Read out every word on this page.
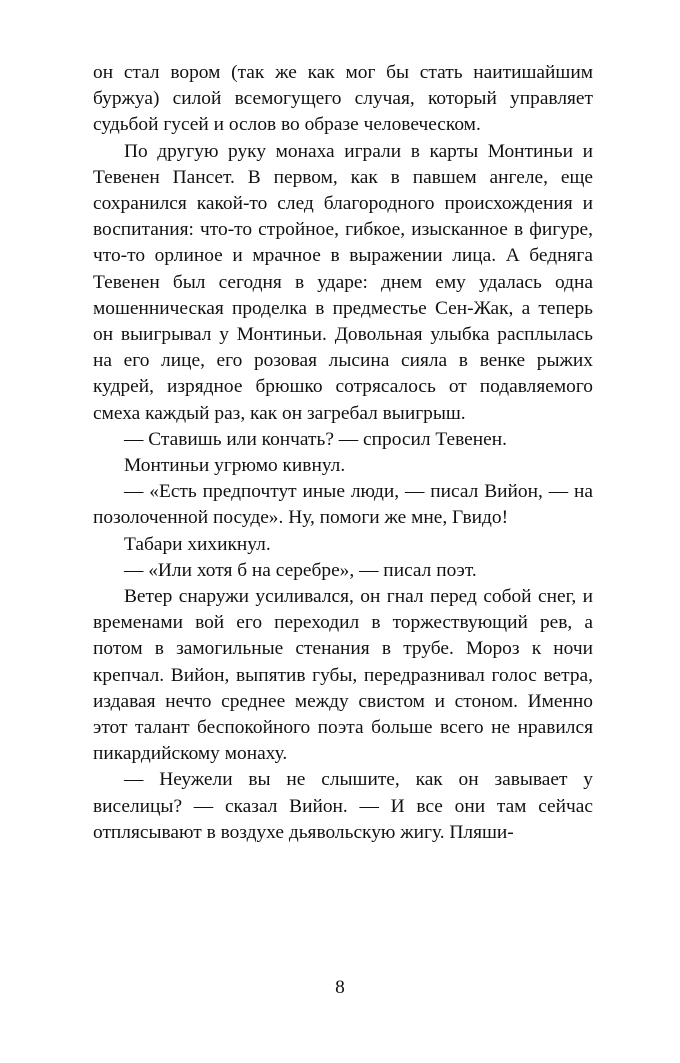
он стал вором (так же как мог бы стать наитишайшим буржуа) силой всемогущего случая, который управляет судьбой гусей и ослов во образе человеческом.

По другую руку монаха играли в карты Монтиньи и Тевенен Пансет. В первом, как в павшем ангеле, еще сохранился какой-то след благородного происхождения и воспитания: что-то стройное, гибкое, изысканное в фигуре, что-то орлиное и мрачное в выражении лица. А бедняга Тевенен был сегодня в ударе: днем ему удалась одна мошенническая проделка в предместье Сен-Жак, а теперь он выигрывал у Монтиньи. Довольная улыбка расплылась на его лице, его розовая лысина сияла в венке рыжих кудрей, изрядное брюшко сотрясалось от подавляемого смеха каждый раз, как он загребал выигрыш.

— Ставишь или кончать? — спросил Тевенен.

Монтиньи угрюмо кивнул.

— «Есть предпочтут иные люди, — писал Вийон, — на позолоченной посуде». Ну, помоги же мне, Гвидо!

Табари хихикнул.

— «Или хотя б на серебре», — писал поэт.

Ветер снаружи усиливался, он гнал перед собой снег, и временами вой его переходил в торжествующий рев, а потом в замогильные стенания в трубе. Мороз к ночи крепчал. Вийон, выпятив губы, передразнивал голос ветра, издавая нечто среднее между свистом и стоном. Именно этот талант беспокойного поэта больше всего не нравился пикардийскому монаху.

— Неужели вы не слышите, как он завывает у виселицы? — сказал Вийон. — И все они там сейчас отплясывают в воздухе дьявольскую жигу. Пляши-

8
